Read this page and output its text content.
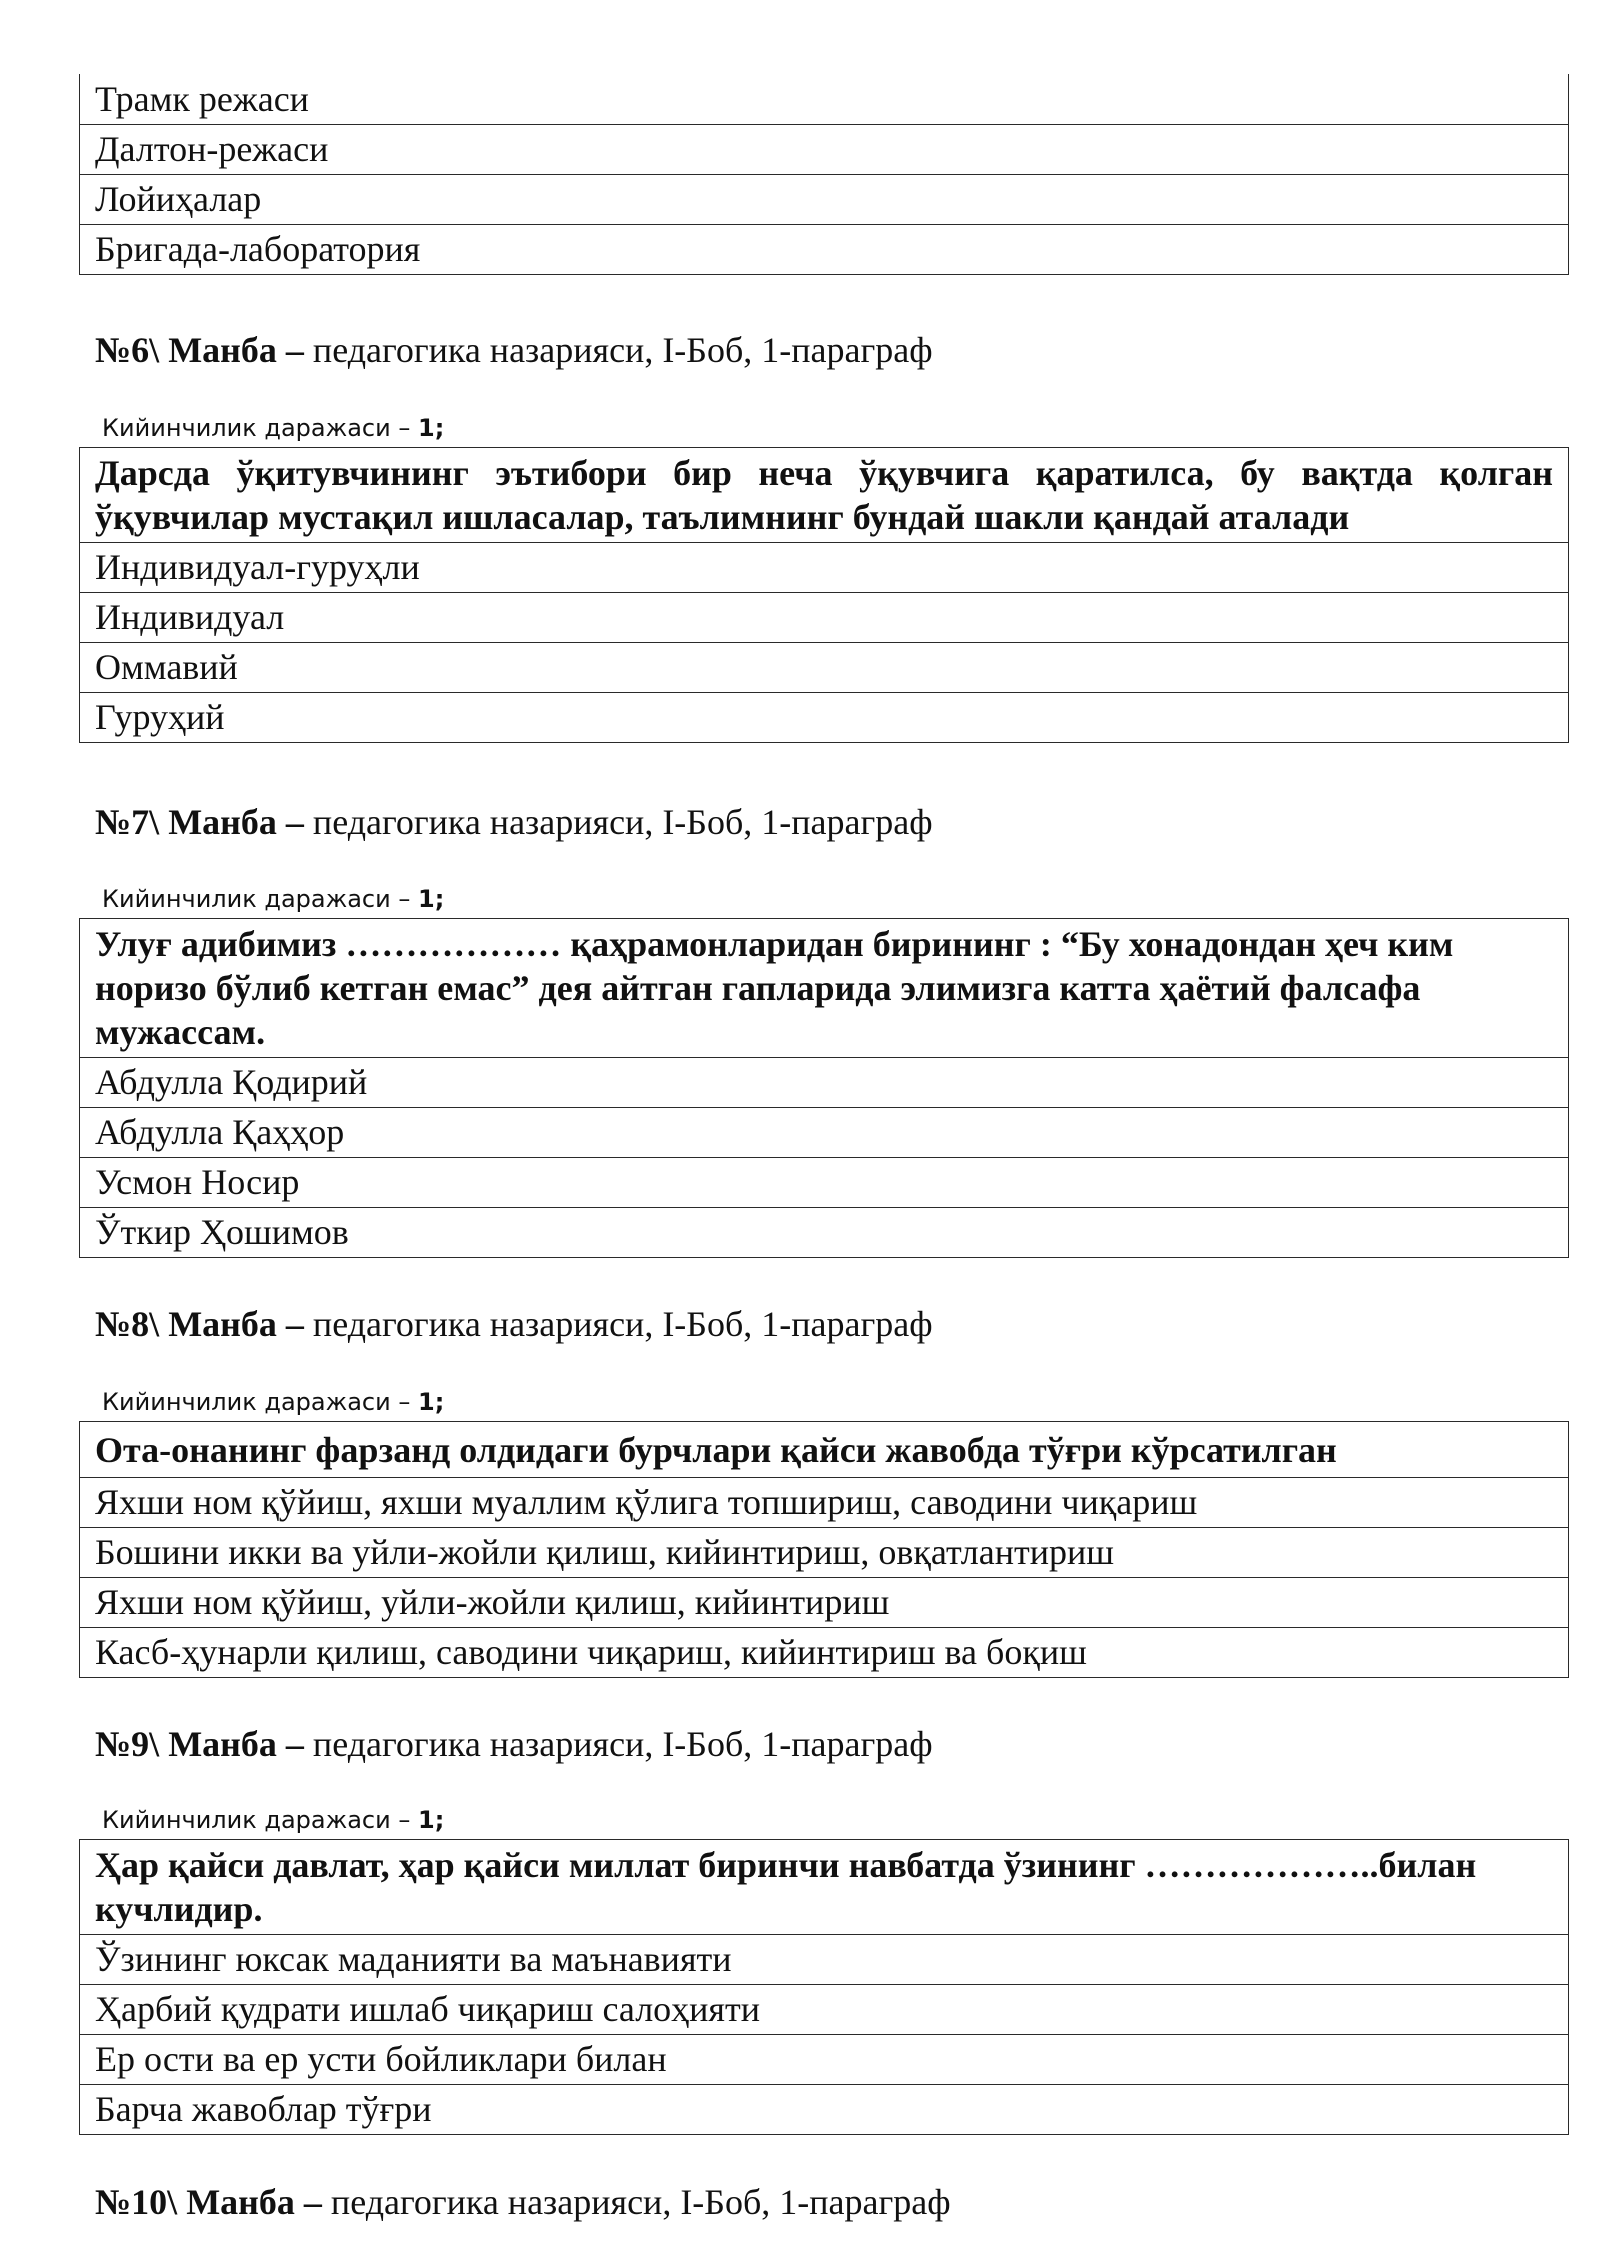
Трамк режаси
Далтон-режаси
Лойиҳалар
Бригада-лаборатория
№6\ Манба – педагогика назарияси, I-Боб, 1-параграф
Кийинчилик даражаси – 1;
Дарсда ўқитувчининг эътибори бир неча ўқувчига қаратилса, бу вақтда қолган ўқувчилар мустақил ишласалар, таълимнинг бундай шакли қандай аталади
Индивидуал-гуруҳли
Индивидуал
Оммавий
Гуруҳий
№7\ Манба – педагогика назарияси, I-Боб, 1-параграф
Кийинчилик даражаси – 1;
Улуғ адибимиз ……………… қаҳрамонларидан бирининг : “Бу хонадондан ҳеч ким норизо бўлиб кетган емас” дея айтган гапларида элимизга катта ҳаётий фалсафа мужассам.
Абдулла Қодирий
Абдулла Қаҳҳор
Усмон Носир
Ўткир Ҳошимов
№8\ Манба – педагогика назарияси, I-Боб, 1-параграф
Кийинчилик даражаси – 1;
Ота-онанинг фарзанд олдидаги бурчлари қайси жавобда тўғри кўрсатилган
Яхши ном қўйиш, яхши муаллим қўлига топшириш, саводини чиқариш
Бошини икки ва уйли-жойли қилиш, кийинтириш, овқатлантириш
Яхши ном қўйиш, уйли-жойли қилиш, кийинтириш
Касб-ҳунарли қилиш, саводини чиқариш, кийинтириш ва боқиш
№9\ Манба – педагогика назарияси, I-Боб, 1-параграф
Кийинчилик даражаси – 1;
Ҳар қайси давлат, ҳар қайси миллат биринчи навбатда ўзининг ………………..билан кучлидир.
Ўзининг юксак маданияти ва маънавияти
Ҳарбий қудрати ишлаб чиқариш салоҳияти
Ер ости ва ер усти бойликлари билан
Барча жавоблар тўғри
№10\ Манба – педагогика назарияси, I-Боб, 1-параграф
